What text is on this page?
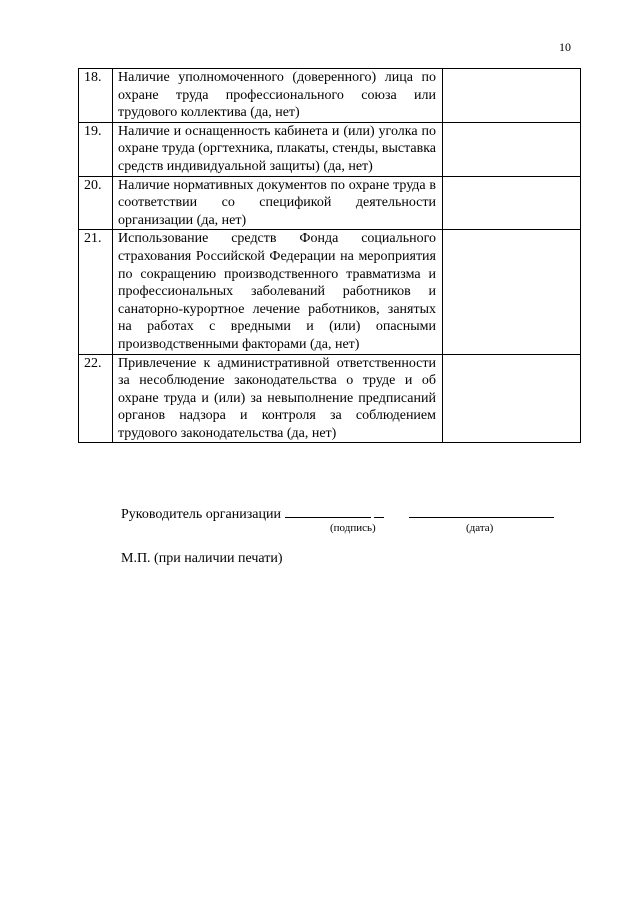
10
18.	Наличие уполномоченного (доверенного) лица по охране труда профессионального союза или трудового коллектива (да, нет)	
19.	Наличие и оснащенность кабинета и (или) уголка по охране труда (оргтехника, плакаты, стенды, выставка средств индивидуальной защиты) (да, нет)	
20.	Наличие нормативных документов по охране труда в соответствии со спецификой деятельности организации (да, нет)	
21.	Использование средств Фонда социального страхования Российской Федерации на мероприятия по сокращению производственного травматизма и профессиональных заболеваний работников и санаторно-курортное лечение работников, занятых на работах с вредными и (или) опасными производственными факторами (да, нет)	
22.	Привлечение к административной ответственности за несоблюдение законодательства о труде и об охране труда и (или) за невыполнение предписаний органов надзора и контроля за соблюдением трудового законодательства (да, нет)	
Руководитель организации
(подпись)	(дата)
М.П. (при наличии печати)
